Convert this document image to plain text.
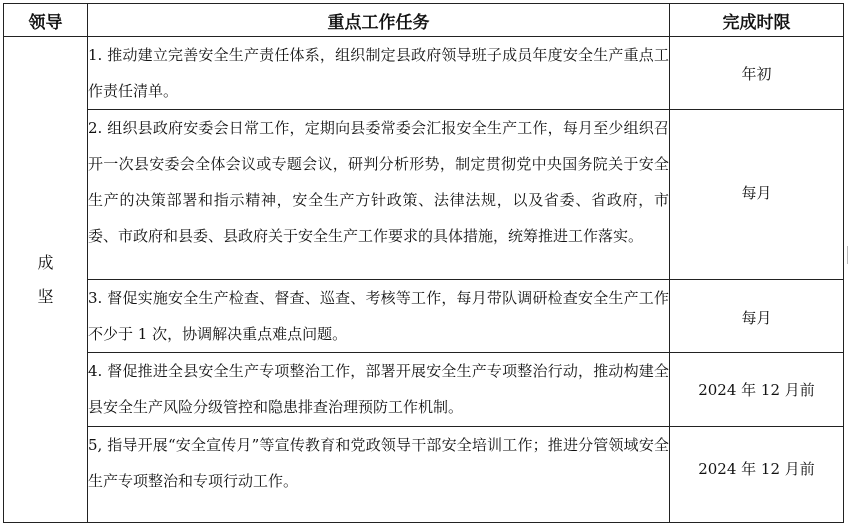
领导	重点工作任务	完成时限
成坚	1. 推动建立完善安全生产责任体系，组织制定县政府领导班子成员年度安全生产重点工作责任清单。	年初
	2. 组织县政府安委会日常工作，定期向县委常委会汇报安全生产工作，每月至少组织召开一次县安委会全体会议或专题会议，研判分析形势，制定贯彻党中央国务院关于安全生产的决策部署和指示精神，安全生产方针政策、法律法规，以及省委、省政府，市委、市政府和县委、县政府关于安全生产工作要求的具体措施，统筹推进工作落实。	每月
	3. 督促实施安全生产检查、督查、巡查、考核等工作，每月带队调研检查安全生产工作不少于 1 次，协调解决重点难点问题。	每月
	4. 督促推进全县安全生产专项整治工作，部署开展安全生产专项整治行动，推动构建全县安全生产风险分级管控和隐患排查治理预防工作机制。	2024 年 12 月前
	5, 指导开展“安全宣传月”等宣传教育和党政领导干部安全培训工作；推进分管领域安全生产专项整治和专项行动工作。	2024 年 12 月前
